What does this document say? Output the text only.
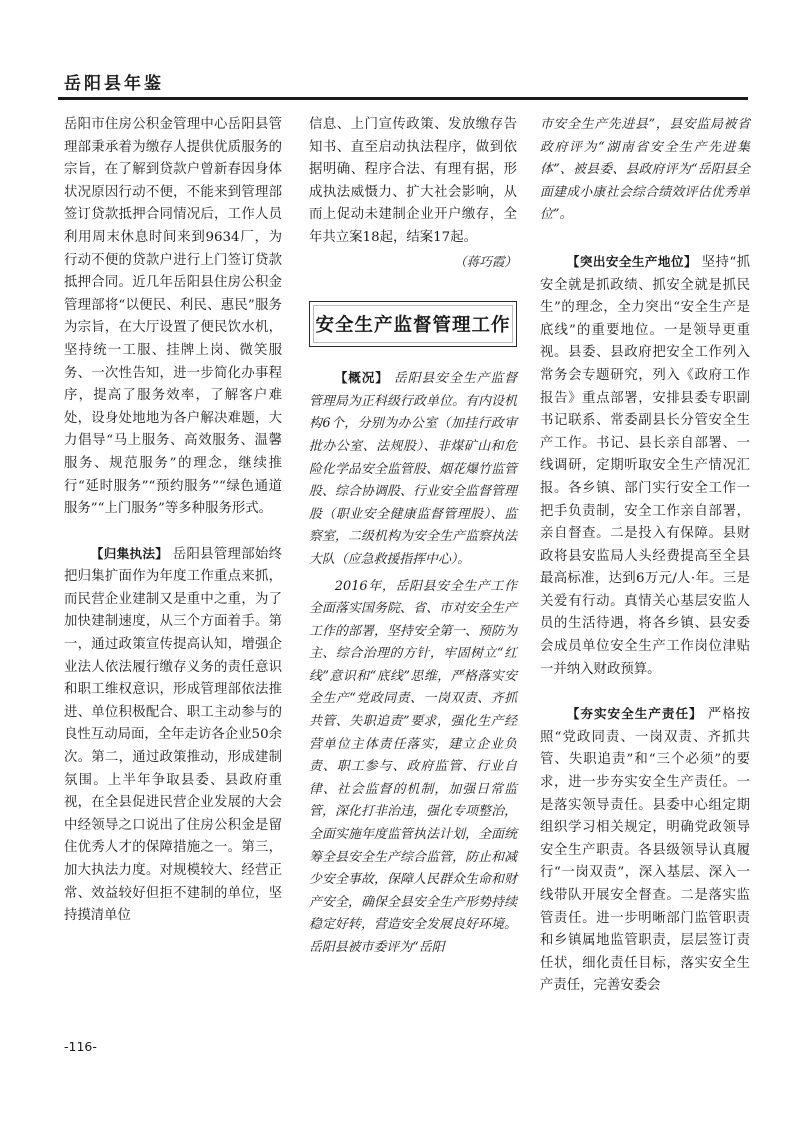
岳阳县年鉴

岳阳市住房公积金管理中心岳阳县管理部秉承着为缴存人提供优质服务的宗旨，在了解到贷款户曾新春因身体状况原因行动不便，不能来到管理部签订贷款抵押合同情况后，工作人员利用周末休息时间来到9634厂，为行动不便的贷款户进行上门签订贷款抵押合同。近几年岳阳县住房公积金管理部将“以便民、利民、惠民”服务为宗旨，在大厅设置了便民饮水机，坚持统一工服、挂牌上岗、微笑服务、一次性告知，进一步简化办事程序，提高了服务效率，了解客户难处，设身处地地为各户解决难题，大力倡导“马上服务、高效服务、温馨服务、规范服务”的理念，继续推行“延时服务”“预约服务”“绿色通道服务”“上门服务”等多种服务形式。

【归集执法】 岳阳县管理部始终把归集扩面作为年度工作重点来抓，而民营企业建制又是重中之重，为了加快建制速度，从三个方面着手。第一，通过政策宣传提高认知，增强企业法人依法履行缴存义务的责任意识和职工维权意识，形成管理部依法推进、单位积极配合、职工主动参与的良性互动局面，全年走访各企业50余次。第二，通过政策推动，形成建制氛围。上半年争取县委、县政府重视，在全县促进民营企业发展的大会中经领导之口说出了住房公积金是留住优秀人才的保障措施之一。第三，加大执法力度。对规模较大、经营正常、效益较好但拒不建制的单位，坚持摸清单位

信息、上门宣传政策、发放缴存告知书、直至启动执法程序，做到依据明确、程序合法、有理有据，形成执法威慑力、扩大社会影响，从而上促动未建制企业开户缴存，全年共立案18起，结案17起。

（蒋巧霞）

安全生产监督管理工作

【概况】 岳阳县安全生产监督管理局为正科级行政单位。有内设机构6个，分别为办公室（加挂行政审批办公室、法规股）、非煤矿山和危险化学品安全监管股、烟花爆竹监管股、综合协调股、行业安全监督管理股（职业安全健康监督管理股）、监察室，二级机构为安全生产监察执法大队（应急救援指挥中心）。

2016年，岳阳县安全生产工作全面落实国务院、省、市对安全生产工作的部署，坚持安全第一、预防为主、综合治理的方针，牢固树立“红线”意识和“底线”思维，严格落实安全生产“党政同责、一岗双责、齐抓共管、失职追责”要求，强化生产经营单位主体责任落实，建立企业负责、职工参与、政府监管、行业自律、社会监督的机制，加强日常监管，深化打非治违，强化专项整治，全面实施年度监管执法计划，全面统筹全县安全生产综合监管，防止和减少安全事故，保障人民群众生命和财产安全，确保全县安全生产形势持续稳定好转，营造安全发展良好环境。岳阳县被市委评为“岳阳

市安全生产先进县”，县安监局被省政府评为“湖南省安全生产先进集体”、被县委、县政府评为“岳阳县全面建成小康社会综合绩效评估优秀单位”。

【突出安全生产地位】 坚持“抓安全就是抓政绩、抓安全就是抓民生”的理念，全力突出“安全生产是底线”的重要地位。一是领导更重视。县委、县政府把安全工作列入常务会专题研究，列入《政府工作报告》重点部署，安排县委专职副书记联系、常委副县长分管安全生产工作。书记、县长亲自部署、一线调研，定期听取安全生产情况汇报。各乡镇、部门实行安全工作一把手负责制，安全工作亲自部署，亲自督查。二是投入有保障。县财政将县安监局人头经费提高至全县最高标准，达到6万元/人·年。三是关爱有行动。真情关心基层安监人员的生活待遇，将各乡镇、县安委会成员单位安全生产工作岗位津贴一并纳入财政预算。

【夯实安全生产责任】 严格按照“党政同责、一岗双责、齐抓共管、失职追责”和“三个必须”的要求，进一步夯实安全生产责任。一是落实领导责任。县委中心组定期组织学习相关规定，明确党政领导安全生产职责。各县级领导认真履行“一岗双责”，深入基层、深入一线带队开展安全督查。二是落实监管责任。进一步明晰部门监管职责和乡镇属地监管职责，层层签订责任状，细化责任目标，落实安全生产责任，完善安委会

-116-
